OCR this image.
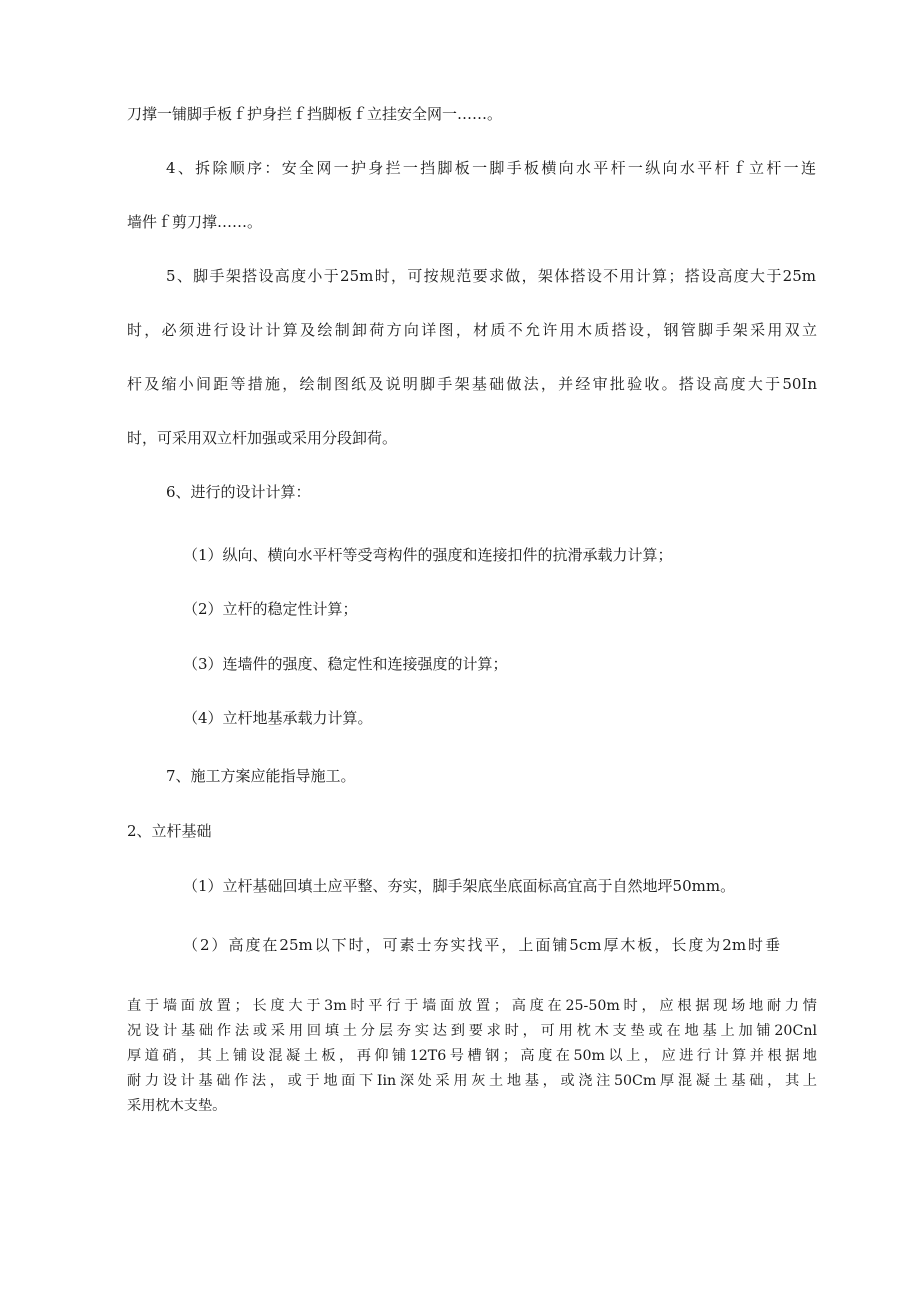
刀撑一铺脚手板ｆ护身拦ｆ挡脚板ｆ立挂安全网一……。

4、拆除顺序：安全网一护身拦一挡脚板一脚手板横向水平杆一纵向水平杆ｆ立杆一连

墙件ｆ剪刀撑……。

5、脚手架搭设高度小于25m时，可按规范要求做，架体搭设不用计算；搭设高度大于25m

时，必须进行设计计算及绘制卸荷方向详图，材质不允许用木质搭设，钢管脚手架采用双立

杆及缩小间距等措施，绘制图纸及说明脚手架基础做法，并经审批验收。搭设高度大于50In

时，可采用双立杆加强或采用分段卸荷。

6、进行的设计计算：

（1）纵向、横向水平杆等受弯构件的强度和连接扣件的抗滑承载力计算；

（2）立杆的稳定性计算；

（3）连墙件的强度、稳定性和连接强度的计算；

（4）立杆地基承载力计算。

7、施工方案应能指导施工。

2、立杆基础

（1）立杆基础回填土应平整、夯实，脚手架底坐底面标高宜高于自然地坪50mm。

（2）高度在25m以下时，可素士夯实找平，上面铺5cm厚木板，长度为2m时垂

直于墙面放置；长度大于3m时平行于墙面放置；高度在25-50m时，应根据现场地耐力情

况设计基础作法或采用回填土分层夯实达到要求时，可用枕木支垫或在地基上加铺20Cnl

厚道硝，其上铺设混凝土板，再仰铺12T6号槽钢；高度在50m以上，应进行计算并根据地

耐力设计基础作法，或于地面下Iin深处采用灰土地基，或浇注50Cm厚混凝土基础，其上

采用枕木支垫。
